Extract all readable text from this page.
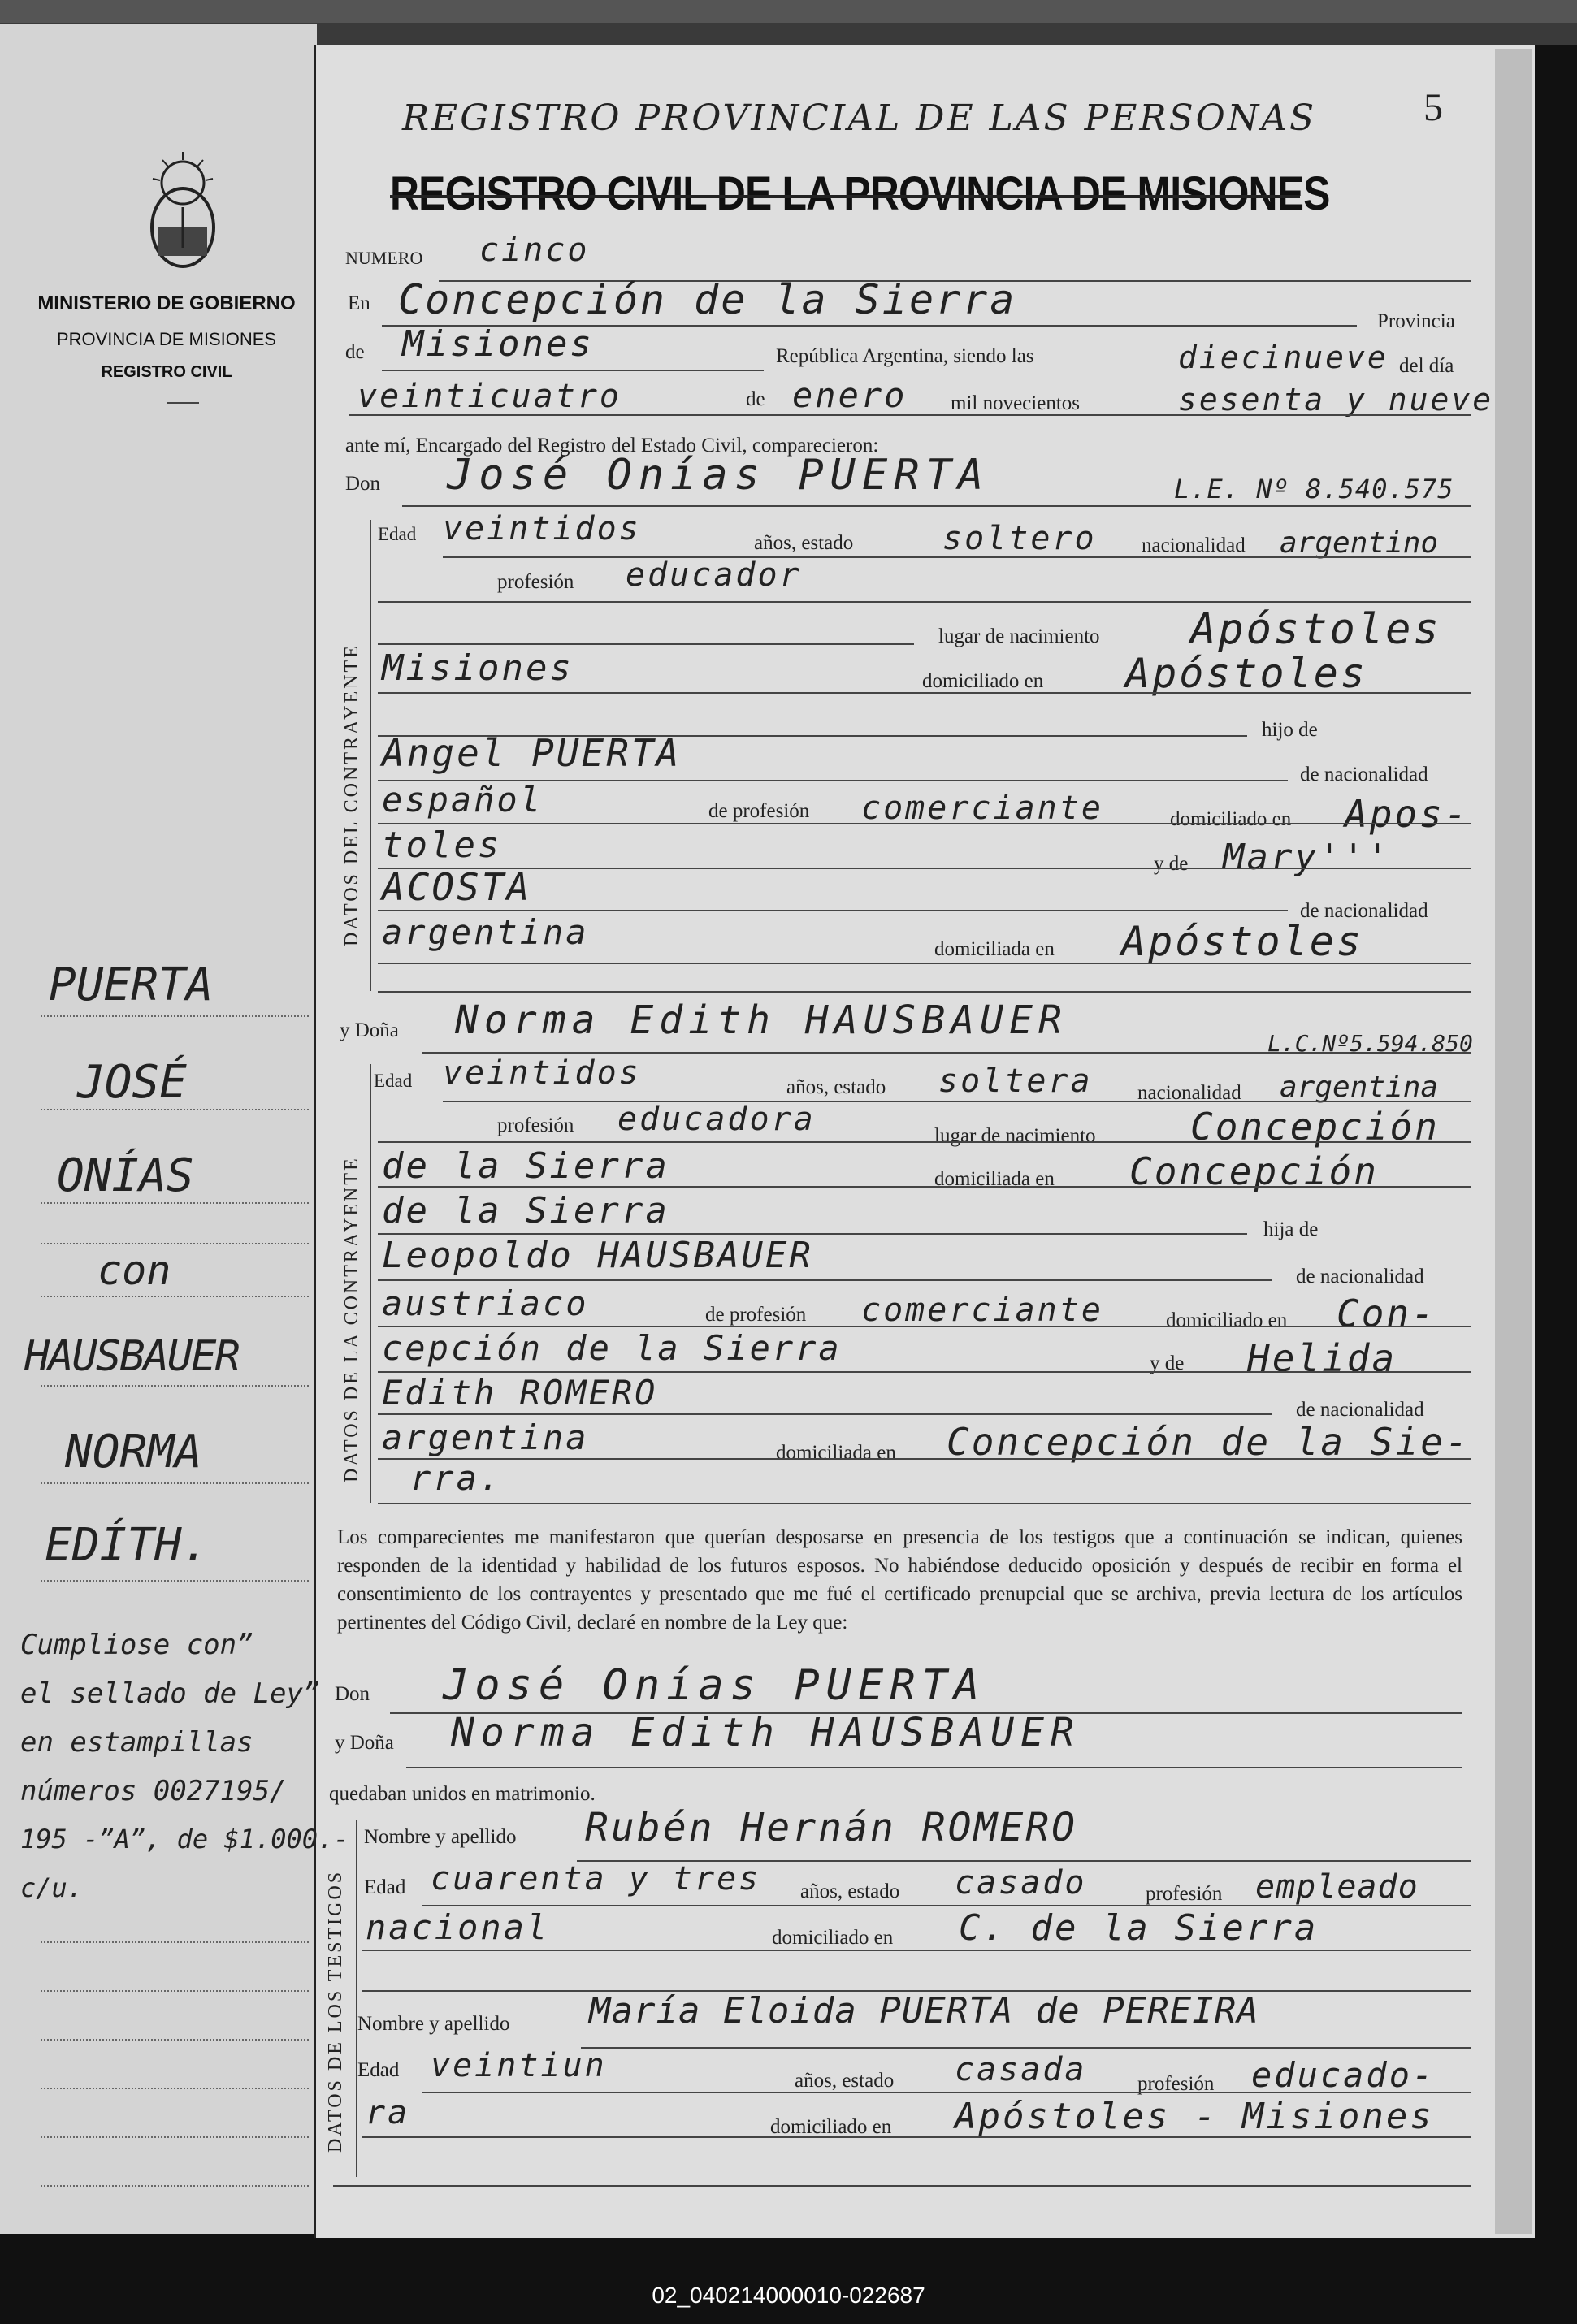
5
REGISTRO PROVINCIAL DE LAS PERSONAS
REGISTRO CIVIL DE LA PROVINCIA DE MISIONES
MINISTERIO DE GOBIERNO
PROVINCIA DE MISIONES
REGISTRO CIVIL
PUERTA
JOSÉ
ONÍAS
con
HAUSBAUER
NORMA
EDÍTH.
Cumpliose con”
el sellado de Ley”
en estampillas
números 0027195/
195 -”A”, de $1.000.-
c/u.
NUMERO cinco
En Concepción de la Sierra	Provincia
de Misiones	República Argentina, siendo las	diecinueve del día
veinticuatro	de enero mil novecientos	sesenta y nueve
ante mí, Encargado del Registro del Estado Civil, comparecieron:
Don José Onías PUERTA	L.E. Nº 8.540.575
DATOS DEL CONTRAYENTE
Edad veintidos	años, estado	soltero nacionalidad argentino
profesión educador
lugar de nacimiento Apóstoles
Misiones	domiciliado en Apóstoles
hijo de
Angel PUERTA	de nacionalidad
español	de profesión comerciante	domiciliado en Apos-
toles	y de Mary'''
ACOSTA
de nacionalidad
argentina	domiciliada en Apóstoles
y Doña Norma Edith HAUSBAUER
L.C.Nº5.594.850
DATOS DE LA CONTRAYENTE
Edad veintidos	años, estado soltera nacionalidad argentina
profesión educadora	lugar de nacimiento	Concepción
de la Sierra	domiciliada en Concepción
de la Sierra	hija de
Leopoldo HAUSBAUER
de nacionalidad
austriaco	de profesión comerciante	domiciliado en Con-
cepción de la Sierra	y de Helida
Edith ROMERO	de nacionalidad
argentina	domiciliada en Concepción de la Sie-
rra.
Los comparecientes me manifestaron que querían desposarse en presencia de los testigos que a continuación se indican, quienes responden de la identidad y habilidad de los futuros esposos. No habiéndose deducido oposición y después de recibir en forma el consentimiento de los contrayentes y presentado que me fué el certificado prenupcial que se archiva, previa lectura de los artículos pertinentes del Código Civil, declaré en nombre de la Ley que:
Don José Onías PUERTA
y Doña Norma Edith HAUSBAUER
quedaban unidos en matrimonio.
DATOS DE LOS TESTIGOS
Nombre y apellido Rubén Hernán ROMERO
Edad cuarenta y tres años, estado casado	profesión empleado
nacional	domiciliado en C. de la Sierra
Nombre y apellido María Eloida PUERTA de PEREIRA
Edad veintiun	años, estado casada	profesión educado-
ra	domiciliado en Apóstoles - Misiones
02_040214000010-022687
